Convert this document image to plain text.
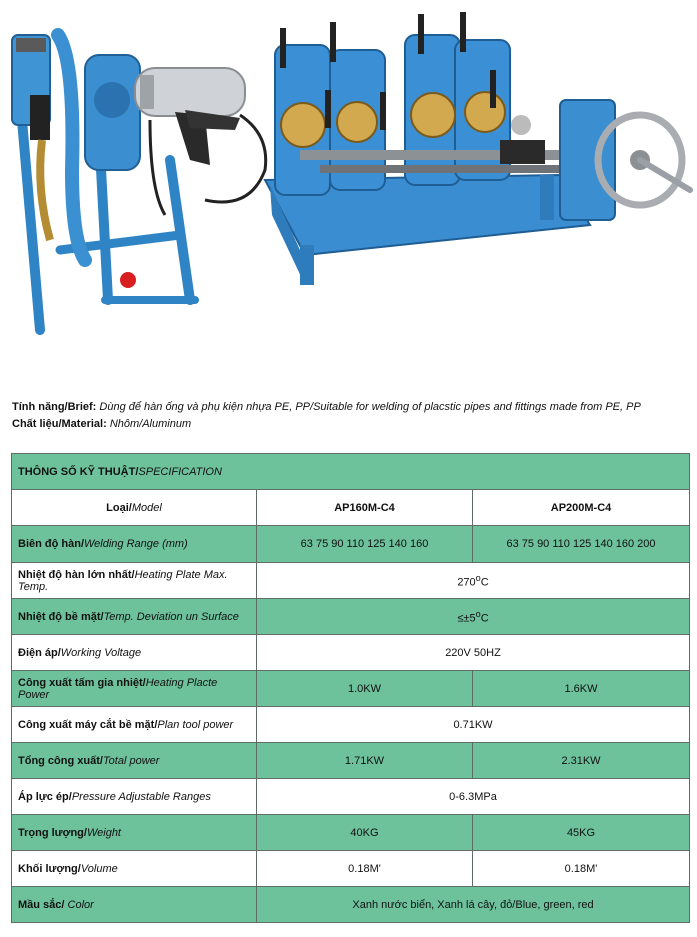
Tính năng/Brief: Dùng để hàn ống và phụ kiện nhựa PE, PP/Suitable for welding of placstic pipes and fittings made from PE, PP
Chất liệu/Material: Nhôm/Aluminum
THÔNG SỐ KỸ THUẬT/SPECIFICATION		
Loại/Model	AP160M-C4	AP200M-C4
Biên độ hàn/Welding Range (mm)	63 75 90 110 125 140 160	63 75 90 110 125 140 160 200
Nhiệt độ hàn lớn nhất/Heating Plate Max. Temp.	270$^o$C	
Nhiệt độ bề mặt/Temp. Deviation un Surface	$\le\pm 5^oC$	
Điện áp/Working Voltage	220V 50HZ	
Công xuất tấm gia nhiệt/Heating Placte Power	1.0KW	1.6KW
Công xuất máy cắt bề mặt/Plan tool power	0.71KW	
Tổng công xuất/Total power	1.71KW	2.31KW
Áp lực ép/Pressure Adjustable Ranges	0-6.3MPa	
Trọng lượng/Weight	40KG	45KG
Khối lượng/Volume	0.18M'	0.18M'
Mầu sắc/ Color	Xanh nước biển, Xanh lá cây, đỏ/Blue, green, red	
